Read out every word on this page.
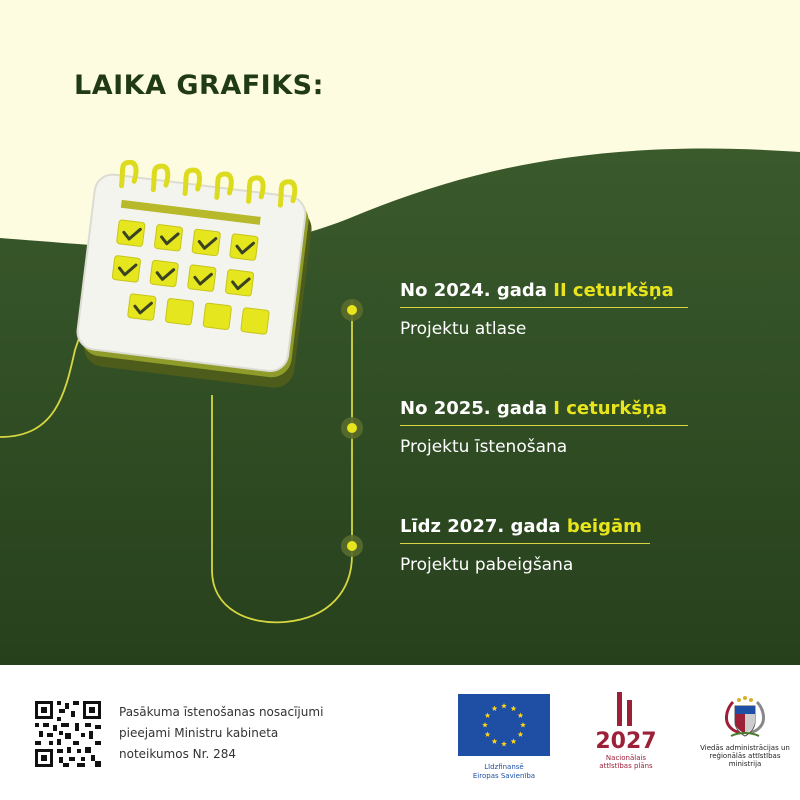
LAIKA GRAFIKS:
No 2024. gada II ceturkšņa
Projektu atlase
No 2025. gada I ceturkšņa
Projektu īstenošana
Līdz 2027. gada beigām
Projektu pabeigšana
Pasākuma īstenošanas nosacījumi
pieejami Ministru kabineta
noteikumos Nr. 284
Līdzfinansē
Eiropas Savienība
2027
Nacionālais
attīstības plāns
Viedās administrācijas un
reģionālās attīstības
ministrija
